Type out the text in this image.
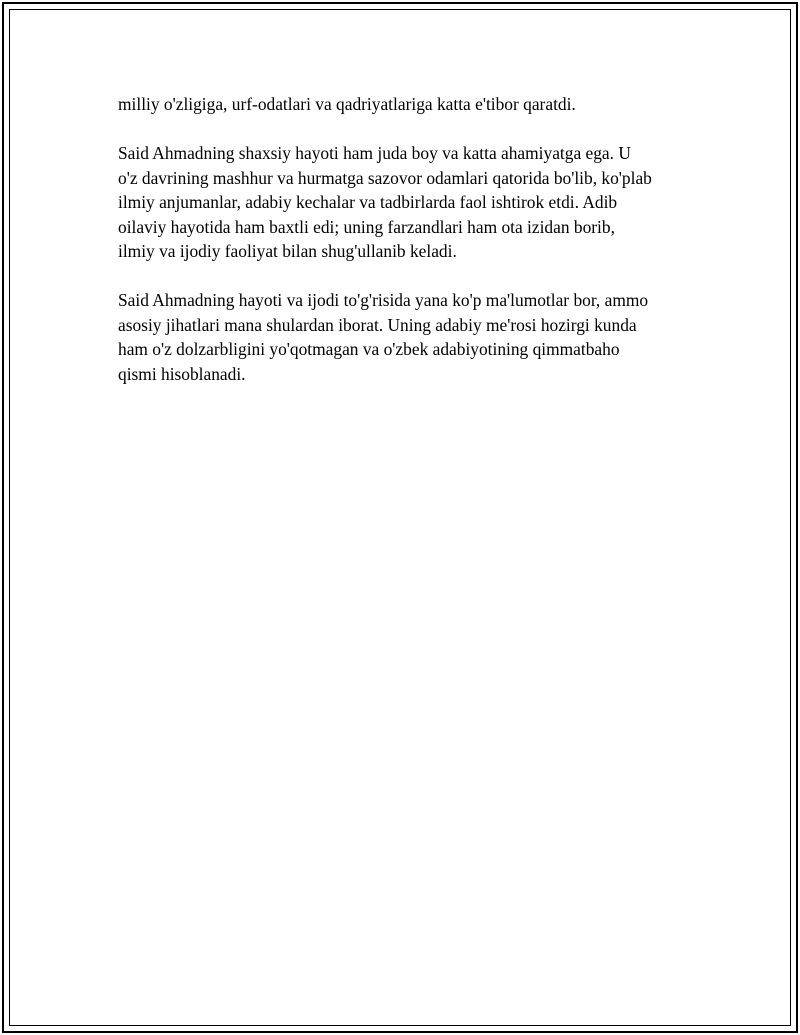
milliy o'zligiga, urf-odatlari va qadriyatlariga katta e'tibor qaratdi.

Said Ahmadning shaxsiy hayoti ham juda boy va katta ahamiyatga ega. U
o'z davrining mashhur va hurmatga sazovor odamlari qatorida bo'lib, ko'plab
ilmiy anjumanlar, adabiy kechalar va tadbirlarda faol ishtirok etdi. Adib
oilaviy hayotida ham baxtli edi; uning farzandlari ham ota izidan borib,
ilmiy va ijodiy faoliyat bilan shug'ullanib keladi.

Said Ahmadning hayoti va ijodi to'g'risida yana ko'p ma'lumotlar bor, ammo
asosiy jihatlari mana shulardan iborat. Uning adabiy me'rosi hozirgi kunda
ham o'z dolzarbligini yo'qotmagan va o'zbek adabiyotining qimmatbaho
qismi hisoblanadi.
